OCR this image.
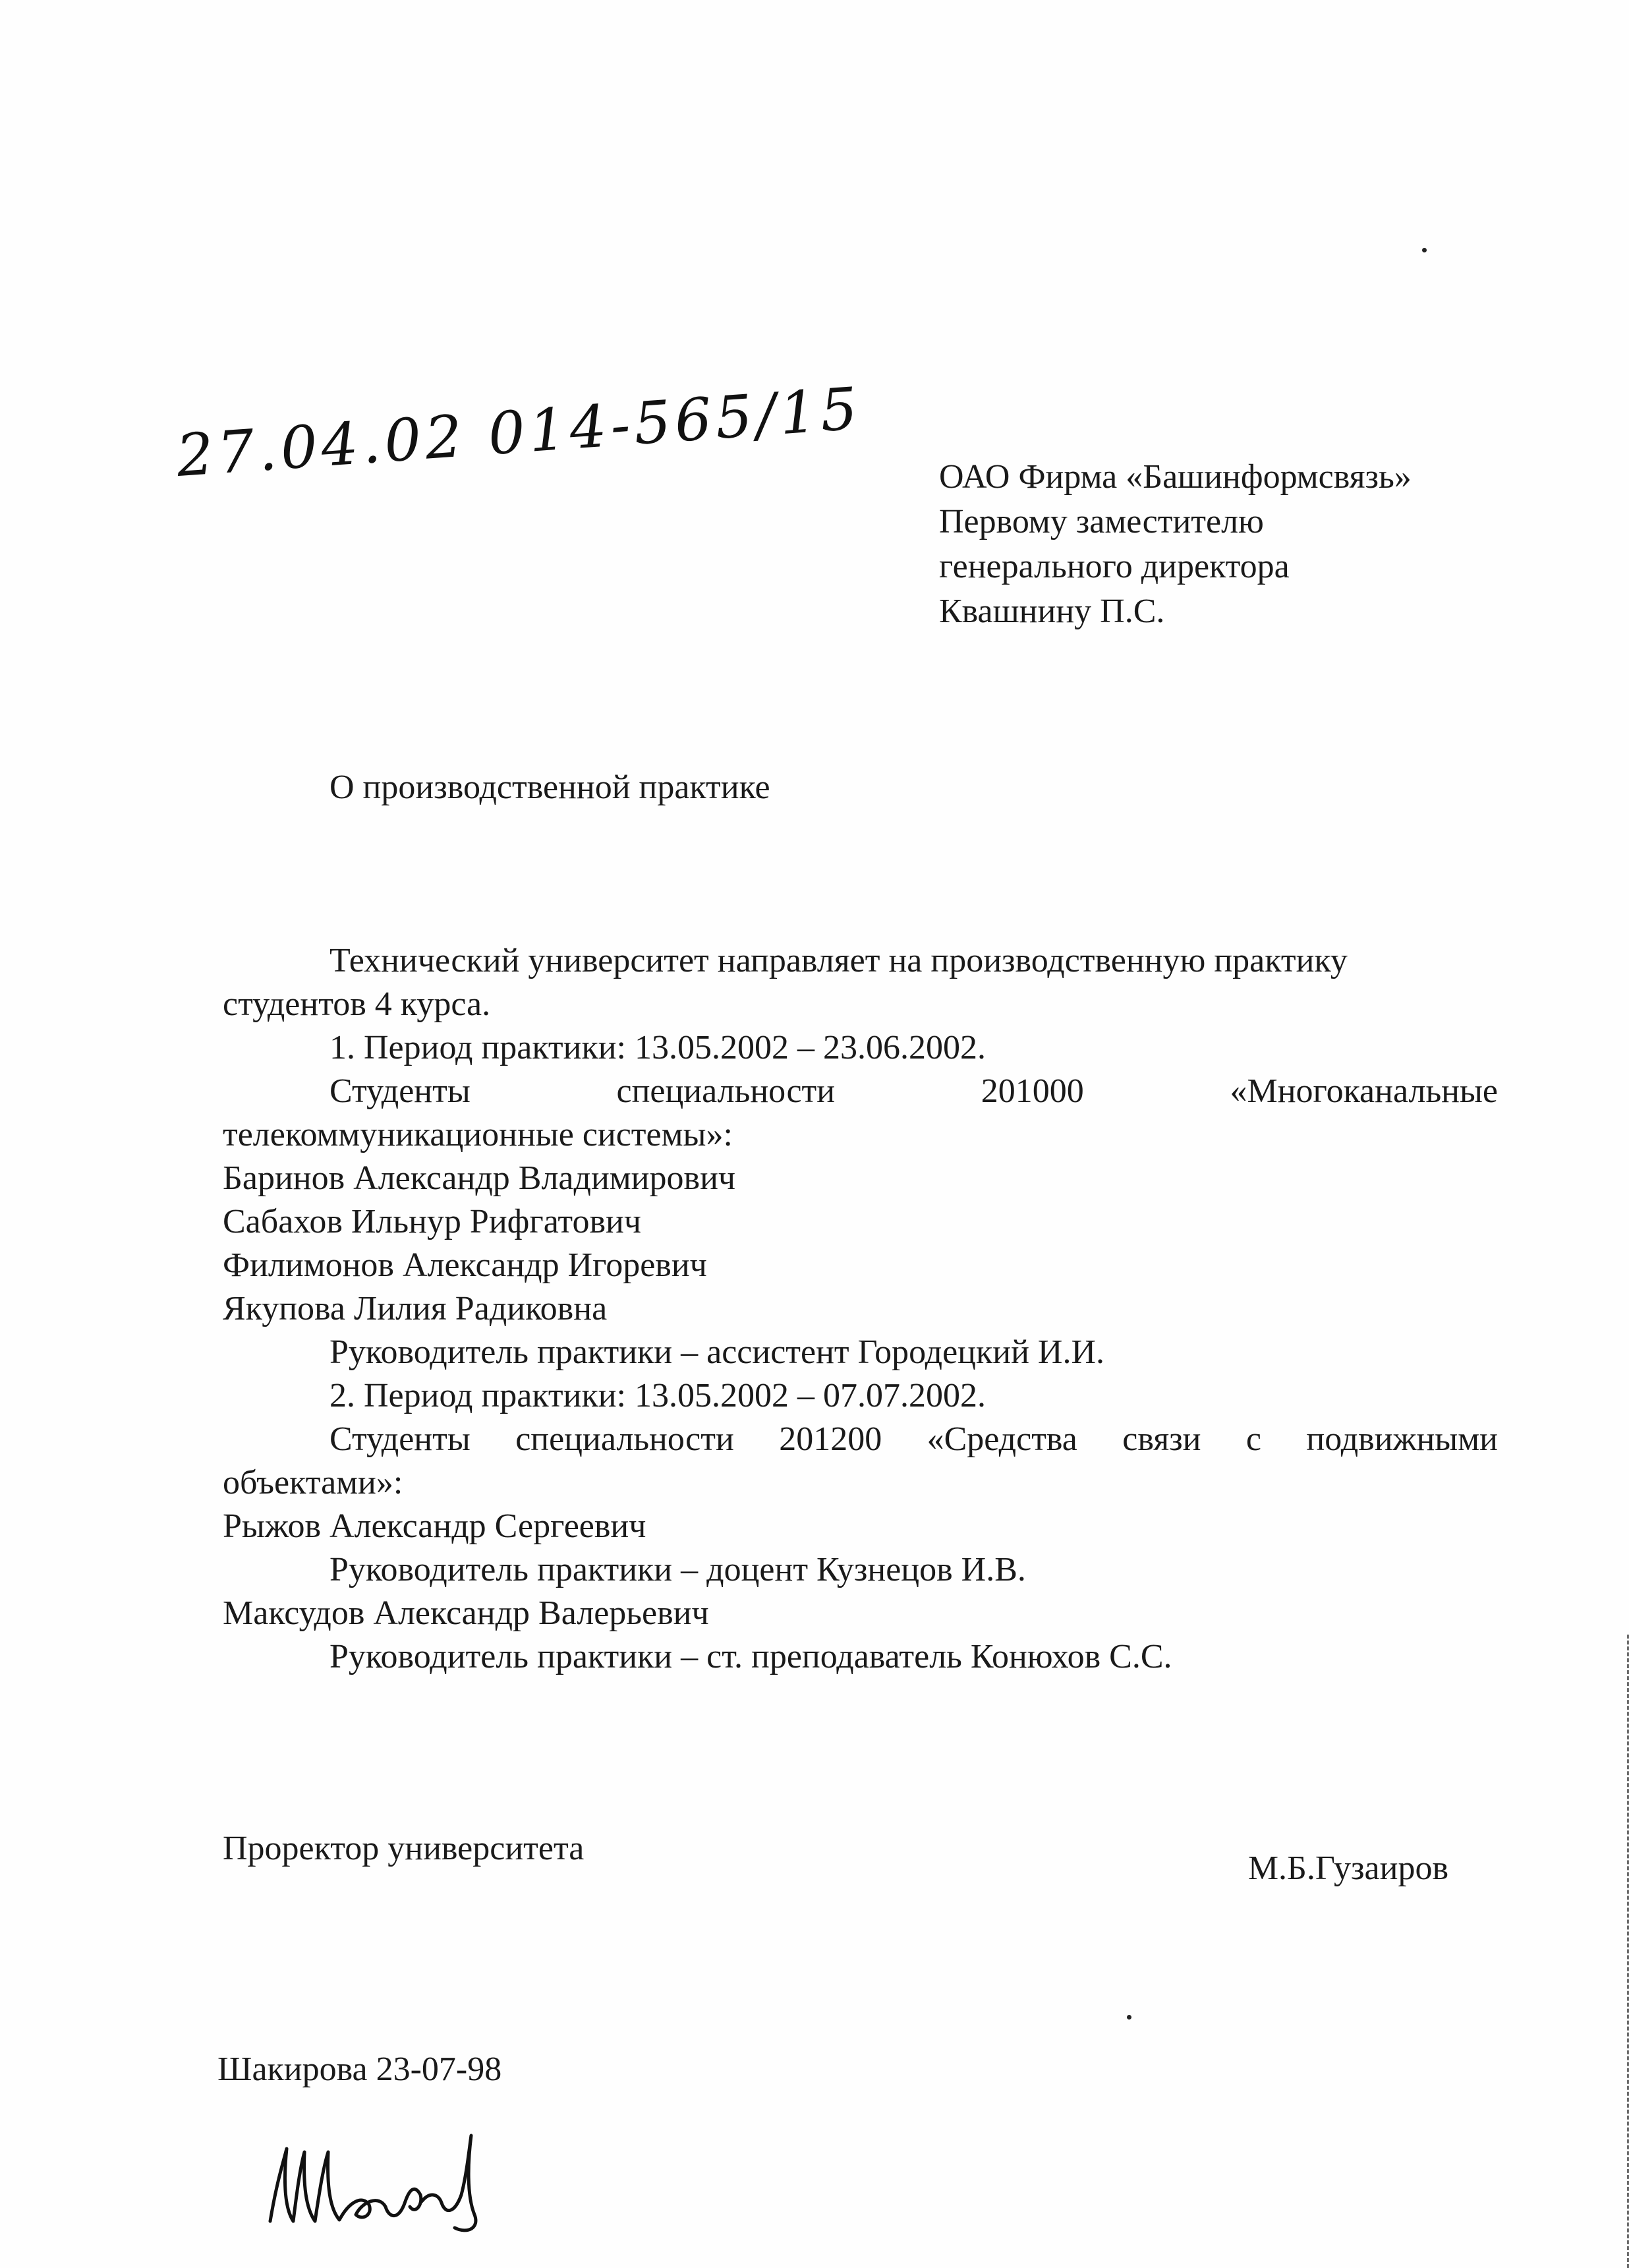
27.04.02 014-565/15 ОАО Фирма «Башинформсвязь»
Первому заместителю
генерального директора
Квашнину П.С.
О производственной практике
Технический университет направляет на производственную практику
студентов 4 курса.
1. Период практики: 13.05.2002 – 23.06.2002.
Студенты	специальности	201000	«Многоканальные
телекоммуникационные системы»:
Баринов Александр Владимирович
Сабахов Ильнур Рифгатович
Филимонов Александр Игоревич
Якупова Лилия Радиковна
Руководитель практики – ассистент Городецкий И.И.
2. Период практики: 13.05.2002 – 07.07.2002.
Студенты специальности 201200 «Средства связи с подвижными
объектами»:
Рыжов Александр Сергеевич
Руководитель практики – доцент Кузнецов И.В.
Максудов Александр Валерьевич
Руководитель практики – ст. преподаватель Конюхов С.С.
Проректор университета
М.Б.Гузаиров
Шакирова 23-07-98
